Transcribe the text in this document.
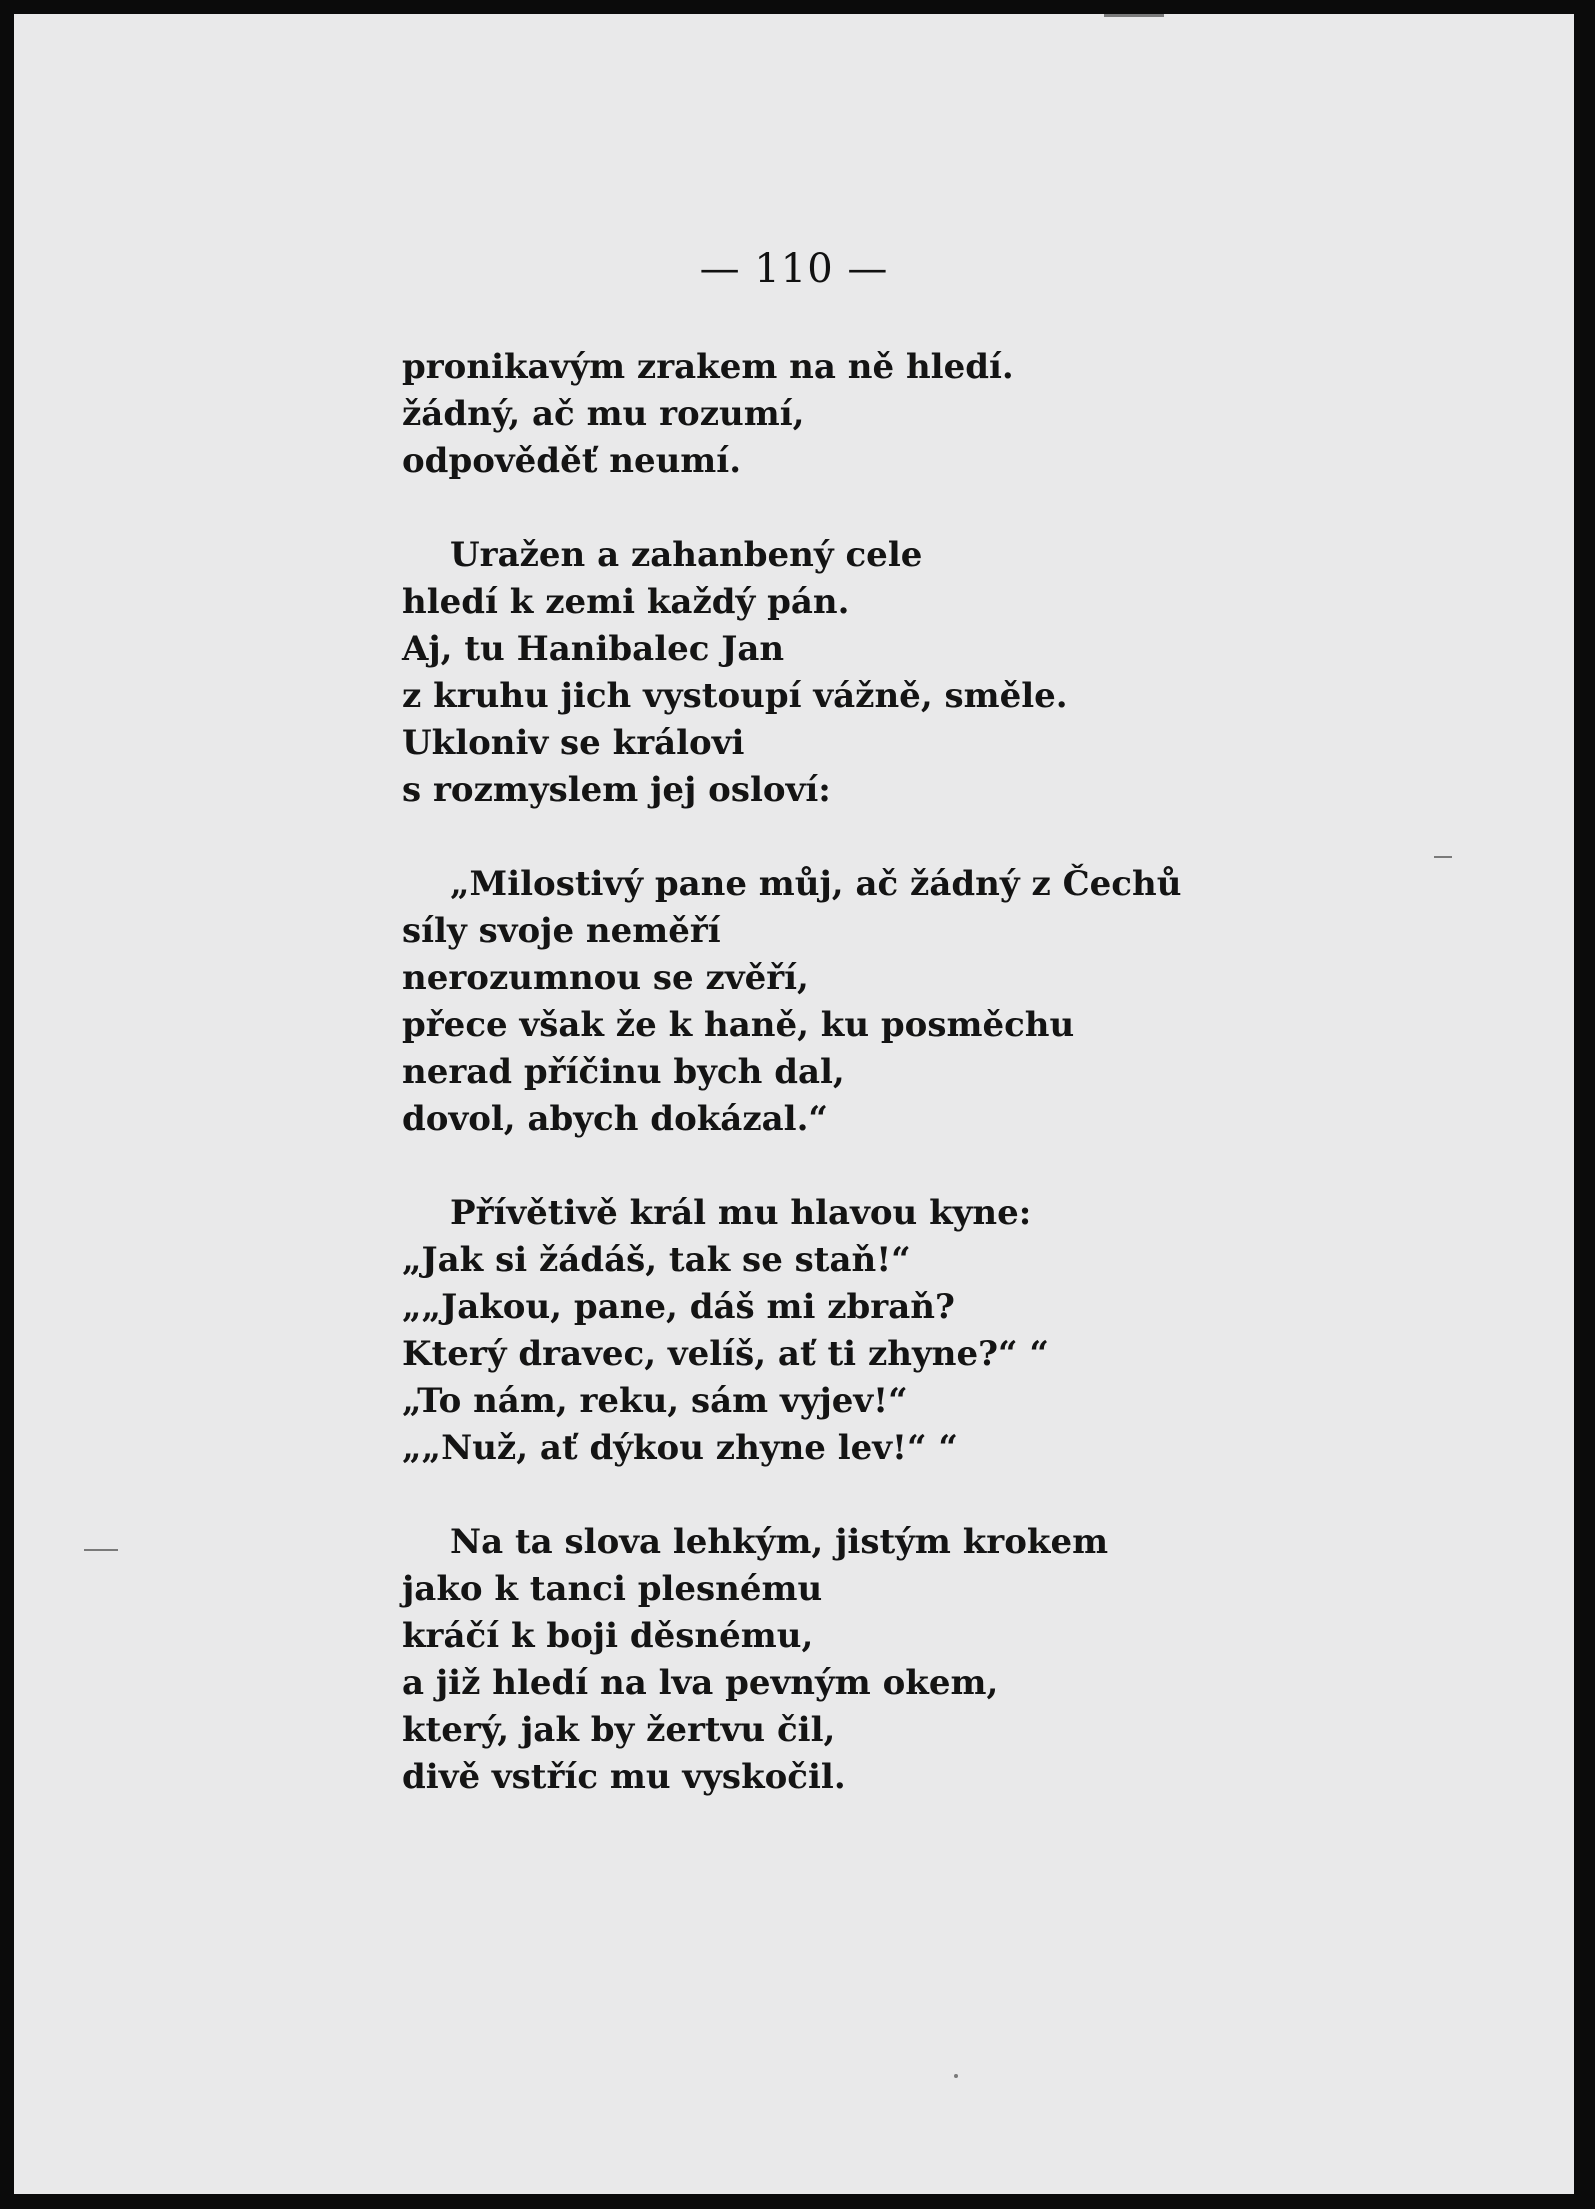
— 110 —

pronikavým zrakem na ně hledí.
žádný, ač mu rozumí,
odpověděť neumí.
Uražen a zahanbený cele
hledí k zemi každý pán.
Aj, tu Hanibalec Jan
z kruhu jich vystoupí vážně, směle.
Ukloniv se královi
s rozmyslem jej osloví:
„Milostivý pane můj, ač žádný z Čechů
síly svoje neměří
nerozumnou se zvěří,
přece však že k haně, ku posměchu
nerad příčinu bych dal,
dovol, abych dokázal.“
Přívětivě král mu hlavou kyne:
„Jak si žádáš, tak se staň!“
„„Jakou, pane, dáš mi zbraň?
Který dravec, velíš, ať ti zhyne?“ “
„To nám, reku, sám vyjev!“
„„Nuž, ať dýkou zhyne lev!“ “
Na ta slova lehkým, jistým krokem
jako k tanci plesnému
kráčí k boji děsnému,
a již hledí na lva pevným okem,
který, jak by žertvu čil,
divě vstříc mu vyskočil.
